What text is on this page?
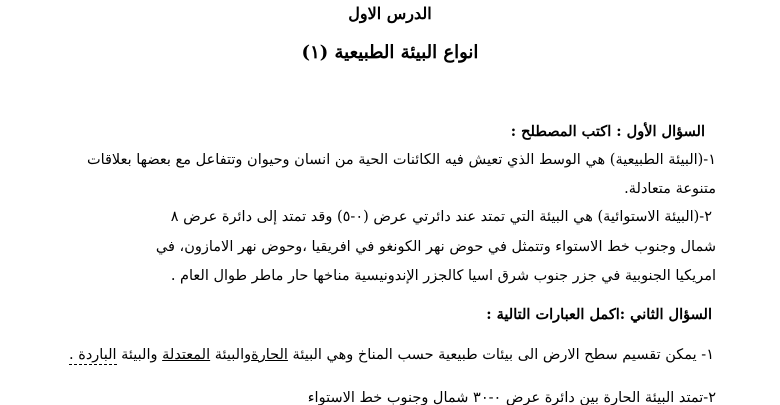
الدرس الاول
انواع البيئة الطبيعية (١)
السؤال الأول : اكتب المصطلح :
١-(البيئة الطبيعية) هي الوسط الذي تعيش فيه الكائنات الحية من انسان وحيوان وتتفاعل مع بعضها بعلاقات
متنوعة متعادلة.
٢-(البيئة الاستوائية) هي البيئة التي تمتد عند دائرتي عرض (٠-٥) وقد تمتد إلى دائرة عرض ٨
شمال وجنوب خط الاستواء وتتمثل في حوض نهر الكونغو في افريقيا ،وحوض نهر الامازون، في
امريكيا الجنوبية في جزر جنوب شرق اسيا كالجزر الإندونيسية مناخها حار ماطر طوال العام .
السؤال الثاني :اكمل العبارات التالية :
١- يمكن تقسيم سطح الارض الى بيئات طبيعية حسب المناخ وهي البيئة الحارةوالبيئة المعتدلة والبيئة الباردة .
٢-تمتد البيئة الحارة بين دائرة عرض ٠-٣٠ شمال وجنوب خط الاستواء
